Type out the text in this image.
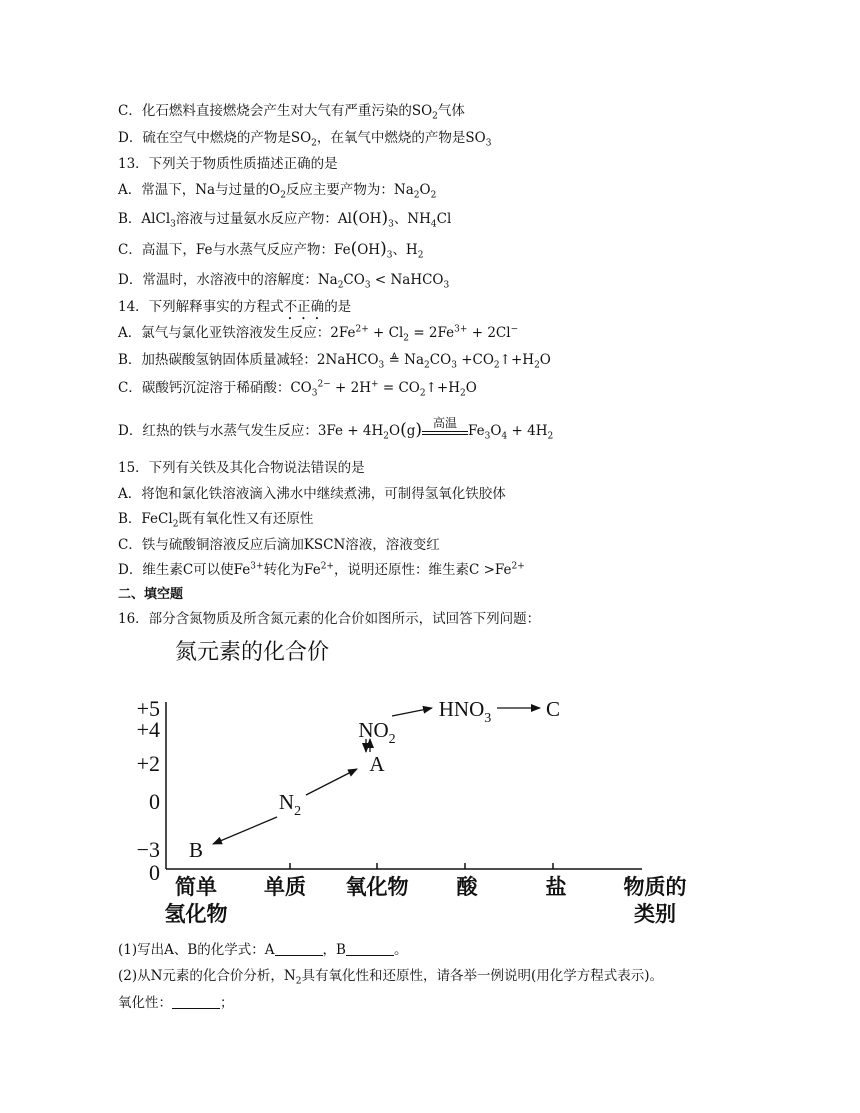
C．化石燃料直接燃烧会产生对大气有严重污染的$SO_2$气体
D．硫在空气中燃烧的产物是$SO_2$，在氧气中燃烧的产物是$SO_3$
13．下列关于物质性质描述正确的是
A．常温下，Na与过量的$O_2$反应主要产物为：$Na_2O_2$
B．AlCl$_3$溶液与过量氨水反应产物：$Al(OH)_3$、$NH_4Cl$
C．高温下，Fe与水蒸气反应产物：$Fe(OH)_3$、$H_2$
D．常温时，水溶液中的溶解度：$Na_2CO_3$ < NaHCO$_3$
14．下列解释事实的方程式不正确的是
A．氯气与氯化亚铁溶液发生反应：$2Fe^{2+} + Cl_2 = 2Fe^{3+} + 2Cl^-$
B．加热碳酸氢钠固体质量减轻：2NaHCO$_3$ ≜ $Na_2CO_3$ $+CO_2↑+H_2O$
C．碳酸钙沉淀溶于稀硝酸：$CO_3^{2-} + 2H^+$ = $CO_2↑+H_2O$
D．红热的铁与水蒸气发生反应：$3Fe + 4H_2O(g)$ 高温 $Fe_3O_4 + 4H_2$
15．下列有关铁及其化合物说法错误的是
A．将饱和氯化铁溶液滴入沸水中继续煮沸，可制得氢氧化铁胶体
B．FeCl$_2$既有氧化性又有还原性
C．铁与硫酸铜溶液反应后滴加KSCN溶液，溶液变红
D．维生素C可以使$Fe^{3+}$转化为$Fe^{2+}$，说明还原性：维生素$C >Fe^{2+}$
二、填空题
16．部分含氮物质及所含氮元素的化合价如图所示，试回答下列问题：
氮元素的化合价
+5
+4
+2
0
−3
0
简单
氢化物
单质 氧化物 酸	盐	物质的
类别
B
$N_2$
A
$NO_2$
$HNO_3$	C
(1)写出A、B的化学式：A	，B	。
(2)从N元素的化合价分析，$N_2$具有氧化性和还原性，请各举一例说明(用化学方程式表示)。
氧化性：	；
